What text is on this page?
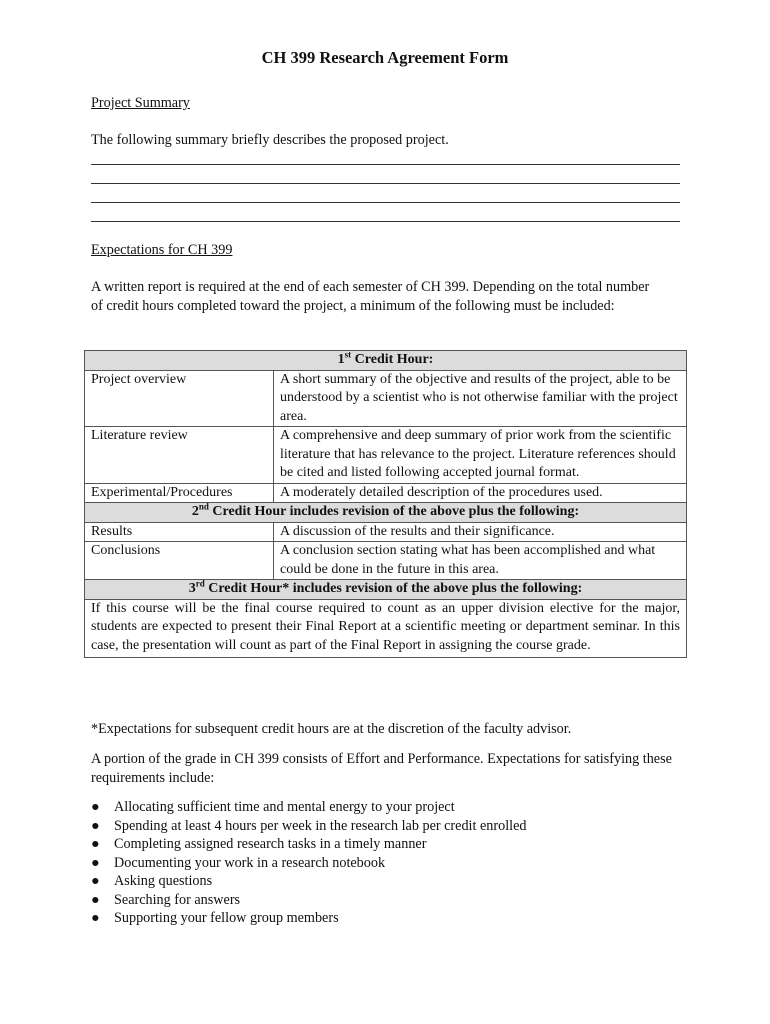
CH 399 Research Agreement Form
Project Summary
The following summary briefly describes the proposed project.
Expectations for CH 399
A written report is required at the end of each semester of CH 399. Depending on the total number of credit hours completed toward the project, a minimum of the following must be included:
1st Credit Hour:	
Project overview	A short summary of the objective and results of the project, able to be understood by a scientist who is not otherwise familiar with the project area.
Literature review	A comprehensive and deep summary of prior work from the scientific literature that has relevance to the project. Literature references should be cited and listed following accepted journal format.
Experimental/Procedures	A moderately detailed description of the procedures used.
2nd Credit Hour includes revision of the above plus the following:	
Results	A discussion of the results and their significance.
Conclusions	A conclusion section stating what has been accomplished and what could be done in the future in this area.
3rd Credit Hour* includes revision of the above plus the following:	
If this course will be the final course required to count as an upper division elective for the major, students are expected to present their Final Report at a scientific meeting or department seminar. In this case, the presentation will count as part of the Final Report in assigning the course grade.	
*Expectations for subsequent credit hours are at the discretion of the faculty advisor.
A portion of the grade in CH 399 consists of Effort and Performance. Expectations for satisfying these requirements include:
● Allocating sufficient time and mental energy to your project
● Spending at least 4 hours per week in the research lab per credit enrolled
● Completing assigned research tasks in a timely manner
● Documenting your work in a research notebook
● Asking questions
● Searching for answers
● Supporting your fellow group members
